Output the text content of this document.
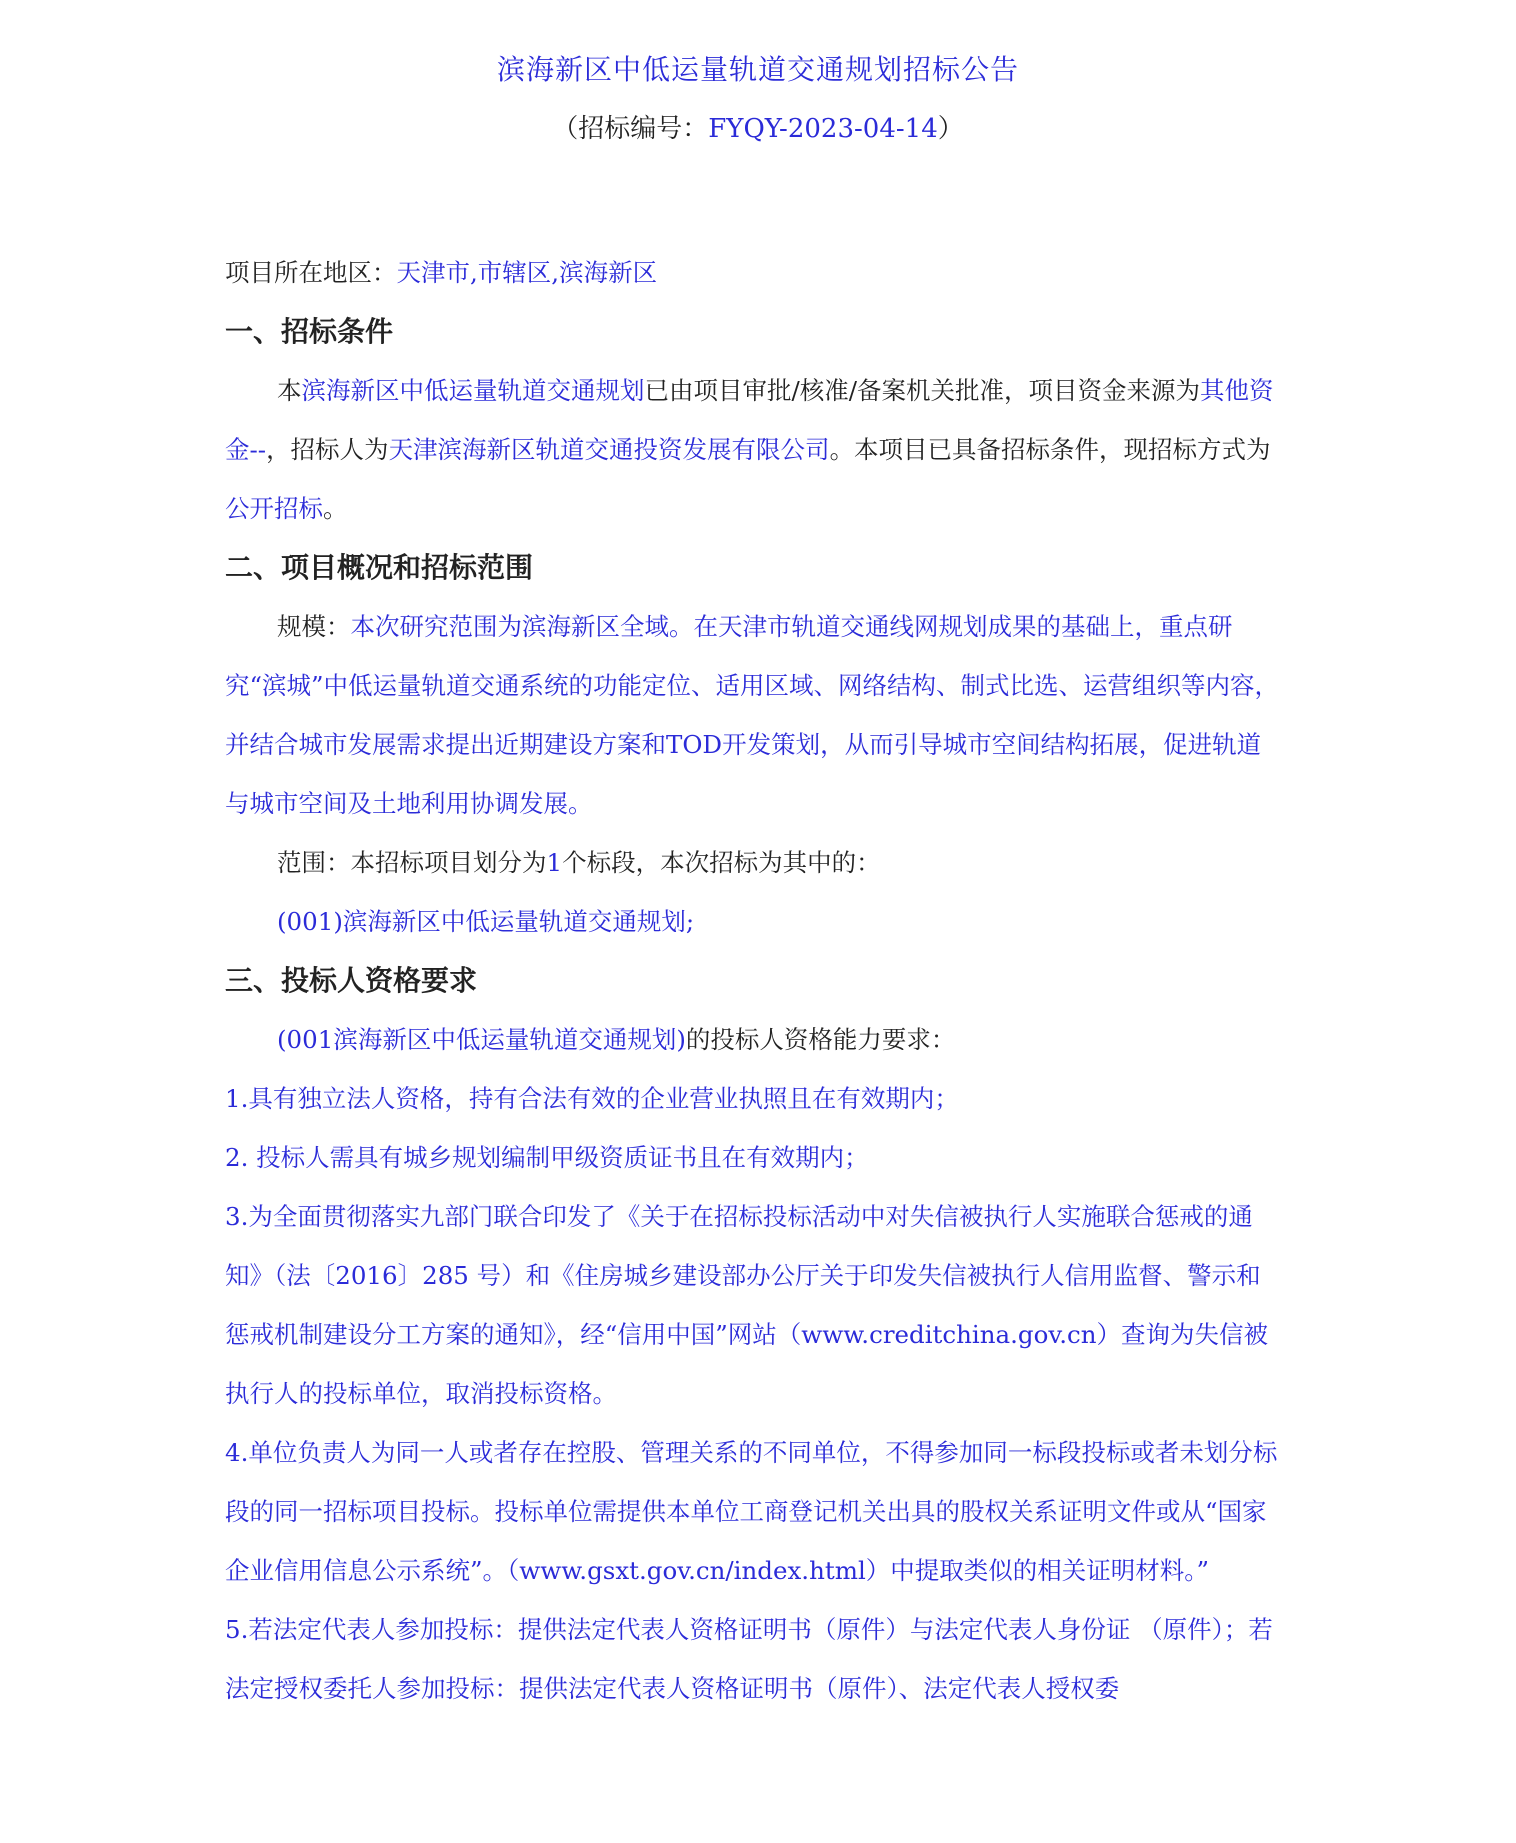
滨海新区中低运量轨道交通规划招标公告
（招标编号：FYQY-2023-04-14）

项目所在地区：天津市,市辖区,滨海新区

一、招标条件

本滨海新区中低运量轨道交通规划已由项目审批/核准/备案机关批准，项目资金来源为其他资金--，招标人为天津滨海新区轨道交通投资发展有限公司。本项目已具备招标条件，现招标方式为公开招标。

二、项目概况和招标范围

规模：本次研究范围为滨海新区全域。在天津市轨道交通线网规划成果的基础上，重点研究“滨城”中低运量轨道交通系统的功能定位、适用区域、网络结构、制式比选、运营组织等内容，并结合城市发展需求提出近期建设方案和TOD开发策划，从而引导城市空间结构拓展，促进轨道与城市空间及土地利用协调发展。

范围：本招标项目划分为1个标段，本次招标为其中的：

(001)滨海新区中低运量轨道交通规划;

三、投标人资格要求

(001滨海新区中低运量轨道交通规划)的投标人资格能力要求：

1.具有独立法人资格，持有合法有效的企业营业执照且在有效期内；

2. 投标人需具有城乡规划编制甲级资质证书且在有效期内；

3.为全面贯彻落实九部门联合印发了《关于在招标投标活动中对失信被执行人实施联合惩戒的通知》（法〔2016〕285 号）和《住房城乡建设部办公厅关于印发失信被执行人信用监督、警示和惩戒机制建设分工方案的通知》，经“信用中国”网站（www.creditchina.gov.cn）查询为失信被执行人的投标单位，取消投标资格。

4.单位负责人为同一人或者存在控股、管理关系的不同单位，不得参加同一标段投标或者未划分标段的同一招标项目投标。投标单位需提供本单位工商登记机关出具的股权关系证明文件或从“国家企业信用信息公示系统”。（www.gsxt.gov.cn/index.html）中提取类似的相关证明材料。”

5.若法定代表人参加投标：提供法定代表人资格证明书（原件）与法定代表人身份证 （原件）；若法定授权委托人参加投标：提供法定代表人资格证明书（原件）、法定代表人授权委
